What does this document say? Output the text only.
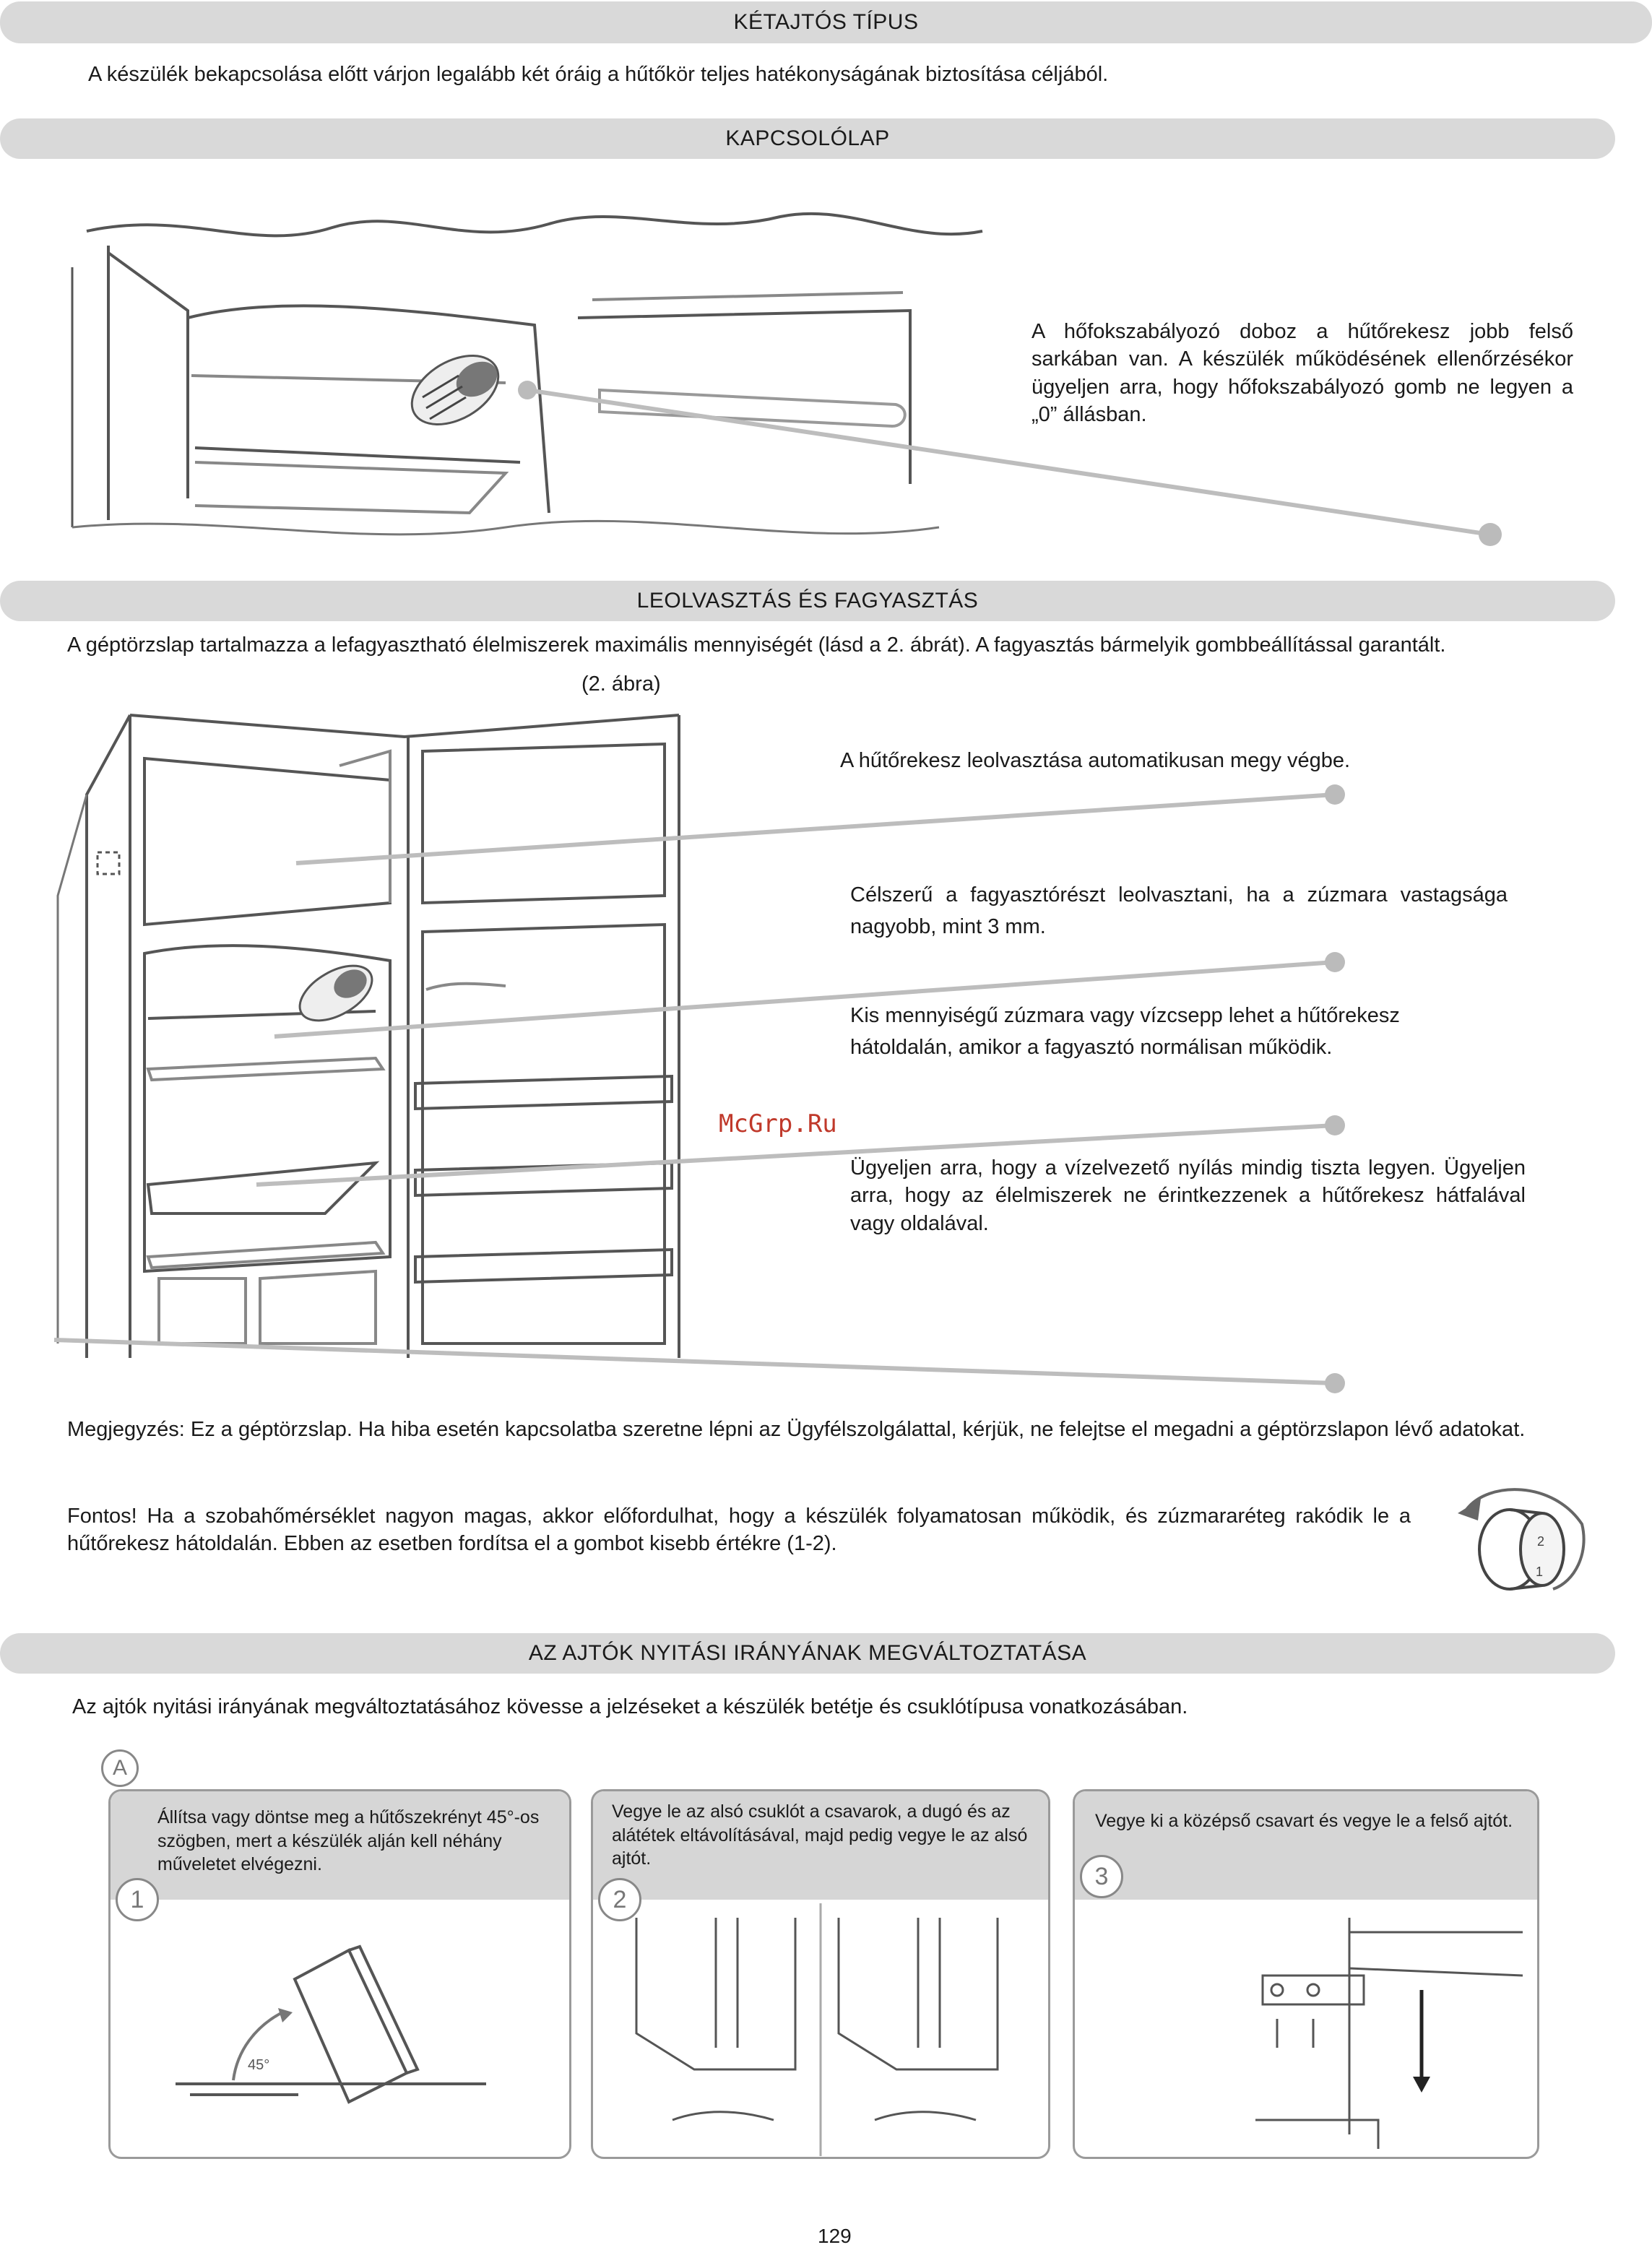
KÉTAJTÓS TÍPUS
A készülék bekapcsolása előtt várjon legalább két óráig a hűtőkör teljes hatékonyságának biztosítása céljából.
KAPCSOLÓLAP
A hőfokszabályozó doboz a hűtőrekesz jobb felső sarkában van. A készülék működésének ellenőrzésékor ügyeljen arra, hogy hőfokszabályozó gomb ne legyen a „0” állásban.
LEOLVASZTÁS ÉS FAGYASZTÁS
A géptörzslap tartalmazza a lefagyasztható élelmiszerek maximális mennyiségét (lásd a 2. ábrát). A fagyasztás bármelyik gombbeállítással garantált.
(2. ábra)
A hűtőrekesz leolvasztása automatikusan megy végbe.
Célszerű a fagyasztórészt leolvasztani, ha a zúzmara vastagsága nagyobb, mint 3 mm.
Kis mennyiségű zúzmara vagy vízcsepp lehet a hűtőrekesz hátoldalán, amikor a fagyasztó normálisan működik.
McGrp.Ru
Ügyeljen arra, hogy a vízelvezető nyílás mindig tiszta legyen. Ügyeljen arra, hogy az élelmiszerek ne érintkezzenek a hűtőrekesz hátfalával vagy oldalával.
Megjegyzés: Ez a géptörzslap. Ha hiba esetén kapcsolatba szeretne lépni az Ügyfélszolgálattal, kérjük, ne felejtse el megadni a géptörzslapon lévő adatokat.
Fontos! Ha a szobahőmérséklet nagyon magas, akkor előfordulhat, hogy a készülék folyamatosan működik, és zúzmararéteg rakódik le a hűtőrekesz hátoldalán. Ebben az esetben fordítsa el a gombot kisebb értékre (1-2).	2
1
AZ AJTÓK NYITÁSI IRÁNYÁNAK MEGVÁLTOZTATÁSA
Az ajtók nyitási irányának megváltoztatásához kövesse a jelzéseket a készülék betétje és csuklótípusa vonatkozásában.
A
Állítsa vagy döntse meg a hűtőszekrényt 45°-os szögben, mert a készülék alján kell néhány műveletet elvégezni.
45°
1
Vegye le az alsó csuklót a csavarok, a dugó és az alátétek eltávolításával, majd pedig vegye le az alsó ajtót.
2
Vegye ki a középső csavart és vegye le a felső ajtót.
3
129
